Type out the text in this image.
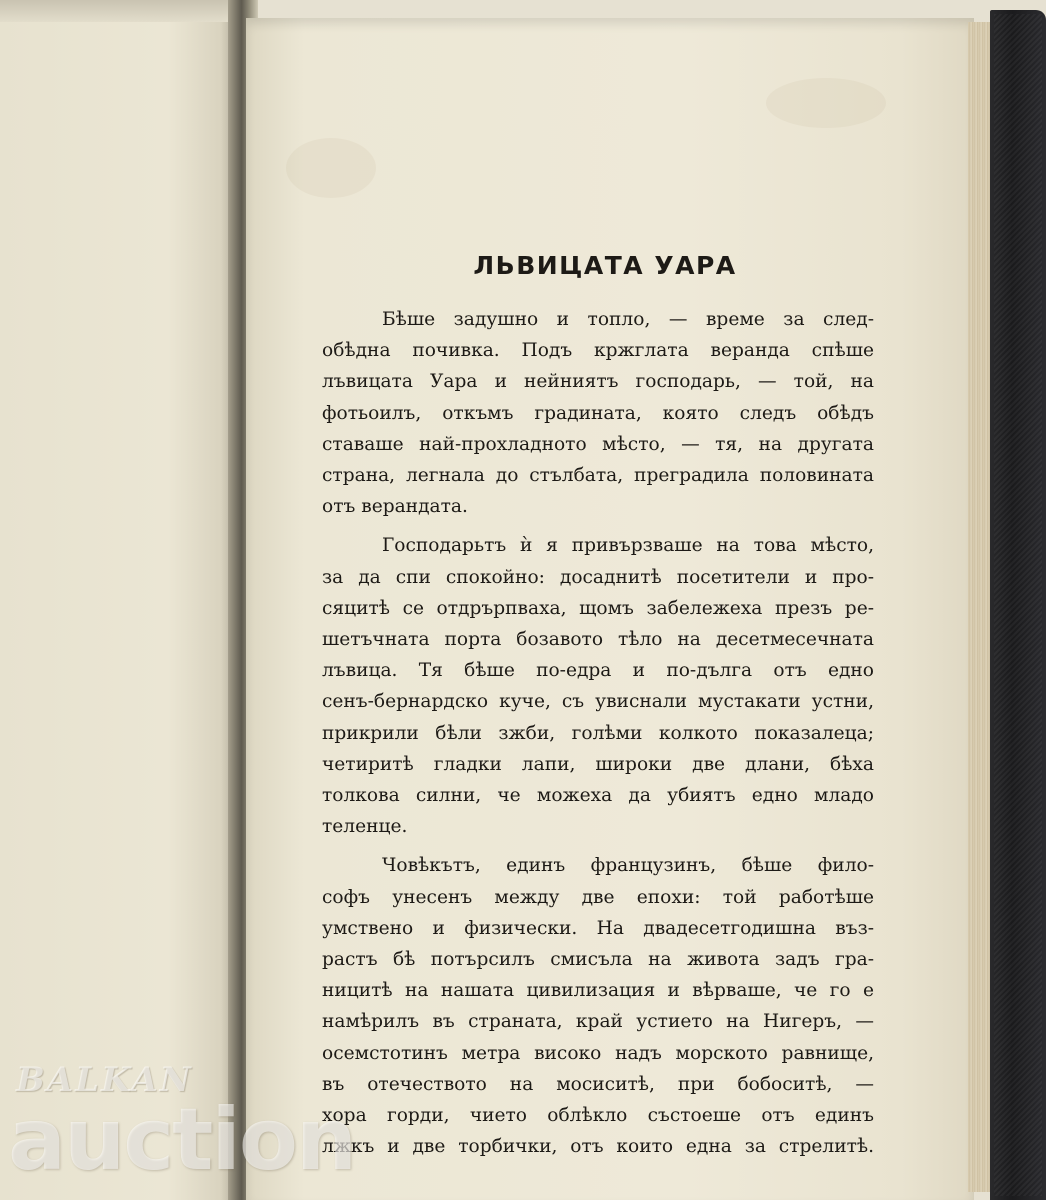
ЛЬВИЦАТА УАРА
Бѣше задушно и топло, — време за след-
обѣдна почивка. Подъ кржглата веранда спѣше
лъвицата Уара и нейниятъ господарь, — той, на
фотьоилъ, откъмъ градината, която следъ обѣдъ
ставаше най-прохладното мѣсто, — тя, на другата
страна, легнала до стълбата, преградила половината
отъ верандата.
Господарьтъ ѝ я привързваше на това мѣсто,
за да спи спокойно: досаднитѣ посетители и про-
сяцитѣ се отдрърпваха, щомъ забележеха презъ ре-
шетъчната порта бозавото тѣло на десетмесечната
лъвица. Тя бѣше по-едра и по-дълга отъ едно
сенъ-бернардско куче, съ увиснали мустакати устни,
прикрили бѣли зжби, голѣми колкото показалеца;
четиритѣ гладки лапи, широки две длани, бѣха
толкова силни, че можеха да убиятъ едно младо
теленце.
Човѣкътъ, единъ французинъ, бѣше фило-
софъ унесенъ между две епохи: той работѣше
умствено и физически. На двадесетгодишна въз-
растъ бѣ потърсилъ смисъла на живота задъ гра-
ницитѣ на нашата цивилизация и вѣрваше, че го е
намѣрилъ въ страната, край устието на Нигеръ, —
осемстотинъ метра високо надъ морското равнище,
въ отечеството на мосиситѣ, при бобоситѣ, —
хора горди, чието облѣкло състоеше отъ единъ
лжкъ и две торбички, отъ които една за стрелитѣ.
BALKAN
auction
